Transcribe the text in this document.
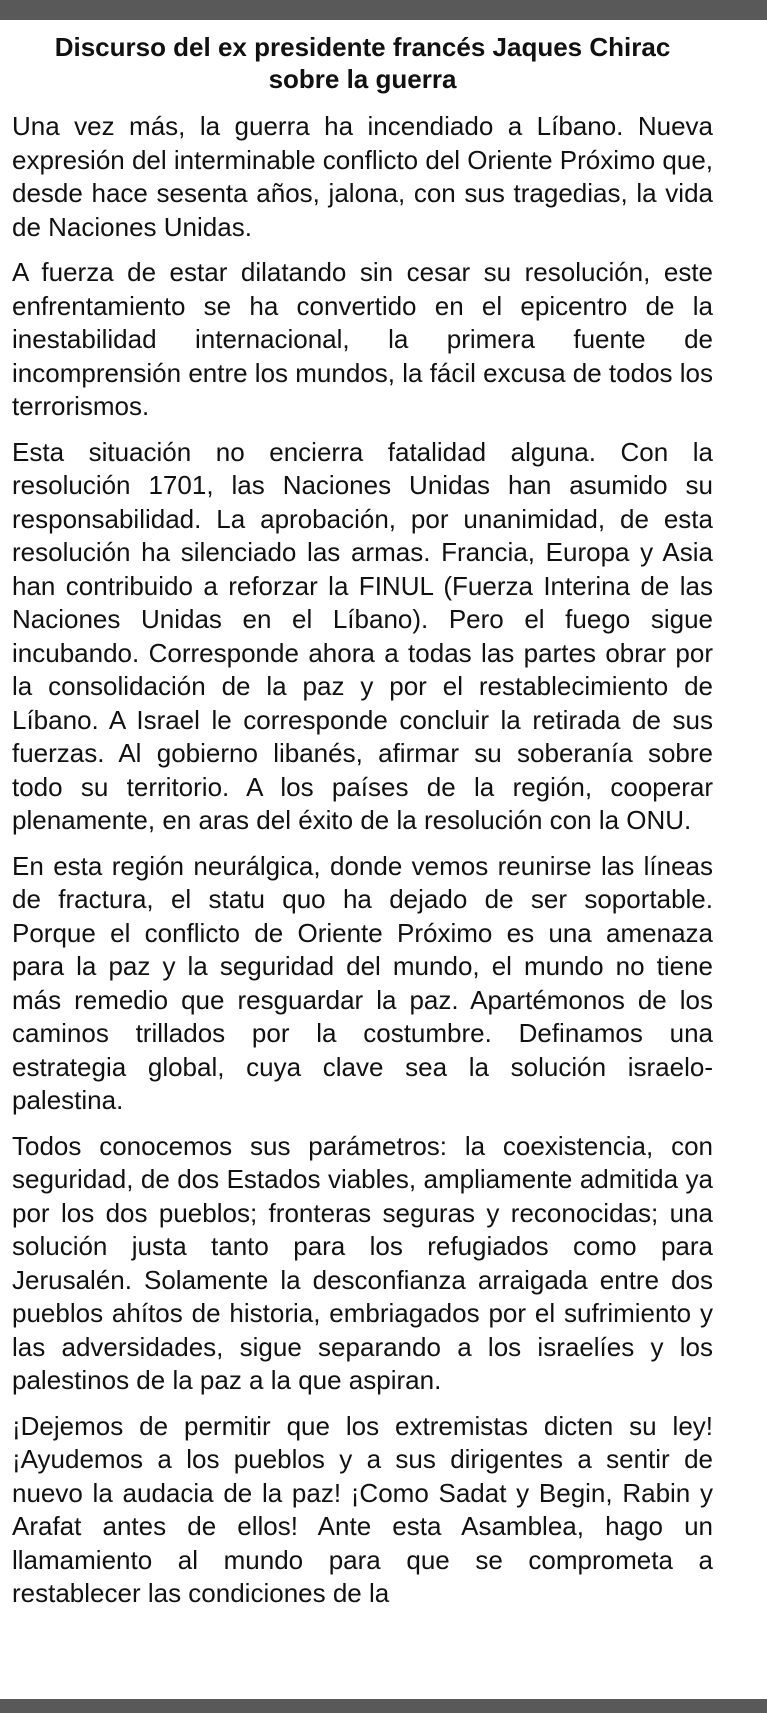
Discurso del ex presidente francés Jaques Chirac
sobre la guerra

Una vez más, la guerra ha incendiado a Líbano. Nueva expresión del interminable conflicto del Oriente Próximo que, desde hace sesenta años, jalona, con sus tragedias, la vida de Naciones Unidas.

A fuerza de estar dilatando sin cesar su resolución, este enfrentamiento se ha convertido en el epicentro de la inestabilidad internacional, la primera fuente de incomprensión entre los mundos, la fácil excusa de todos los terrorismos.

Esta situación no encierra fatalidad alguna. Con la resolución 1701, las Naciones Unidas han asumido su responsabilidad. La aprobación, por unanimidad, de esta resolución ha silenciado las armas. Francia, Europa y Asia han contribuido a reforzar la FINUL (Fuerza Interina de las Naciones Unidas en el Líbano). Pero el fuego sigue incubando. Corresponde ahora a todas las partes obrar por la consolidación de la paz y por el restablecimiento de Líbano. A Israel le corresponde concluir la retirada de sus fuerzas. Al gobierno libanés, afirmar su soberanía sobre todo su territorio. A los países de la región, cooperar plenamente, en aras del éxito de la resolución con la ONU.

En esta región neurálgica, donde vemos reunirse las líneas de fractura, el statu quo ha dejado de ser soportable. Porque el conflicto de Oriente Próximo es una amenaza para la paz y la seguridad del mundo, el mundo no tiene más remedio que resguardar la paz. Apartémonos de los caminos trillados por la costumbre. Definamos una estrategia global, cuya clave sea la solución israelo-palestina.

Todos conocemos sus parámetros: la coexistencia, con seguridad, de dos Estados viables, ampliamente admitida ya por los dos pueblos; fronteras seguras y reconocidas; una solución justa tanto para los refugiados como para Jerusalén. Solamente la desconfianza arraigada entre dos pueblos ahítos de historia, embriagados por el sufrimiento y las adversidades, sigue separando a los israelíes y los palestinos de la paz a la que aspiran.

¡Dejemos de permitir que los extremistas dicten su ley! ¡Ayudemos a los pueblos y a sus dirigentes a sentir de nuevo la audacia de la paz! ¡Como Sadat y Begin, Rabin y Arafat antes de ellos! Ante esta Asamblea, hago un llamamiento al mundo para que se comprometa a restablecer las condiciones de la
